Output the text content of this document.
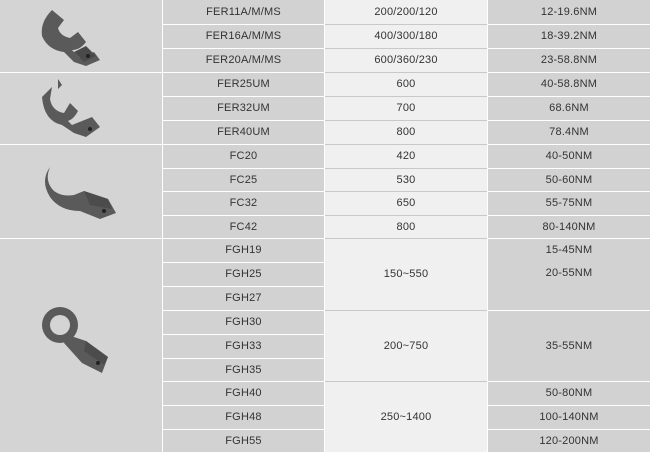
FER11A/M/MS
FER16A/M/MS
FER20A/M/MS
FER25UM
FER32UM
FER40UM
FC20
FC25
FC32
FC42
FGH19
FGH25
FGH27
FGH30
FGH33
FGH35
FGH40
FGH48
FGH55
200/200/120
400/300/180
600/360/230
600
700
800
420
530
650
800
150~550
200~750
250~1400
12-19.6NM
18-39.2NM
23-58.8NM
40-58.8NM
68.6NM
78.4NM
40-50NM
50-60NM
55-75NM
80-140NM
15-45NM
20-55NM
35-55NM
50-80NM
100-140NM
120-200NM
